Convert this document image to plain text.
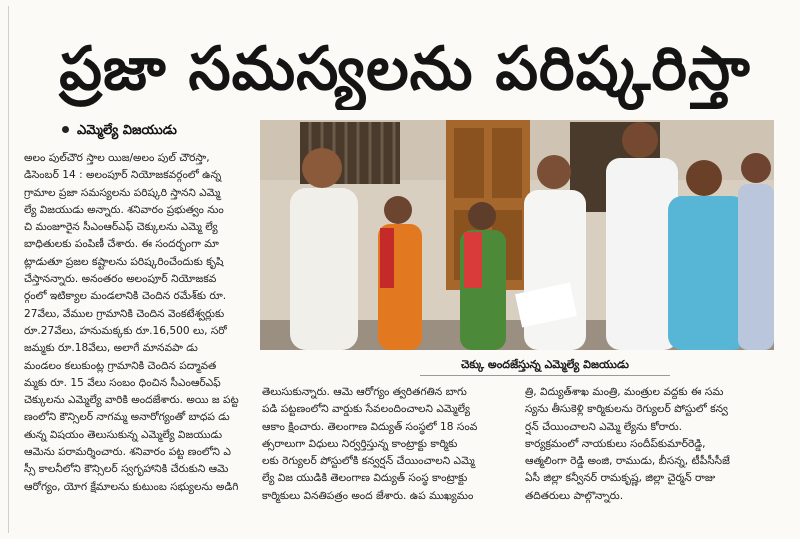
ప్రజా సమస్యలను పరిష్కరిస్తా
ఎమ్మెల్యే విజయుడు
అలం పుల్‌చౌర స్తాల యిజ/అలం పుల్ చౌరస్తా,
డిసెంబర్ 14 : అలంపూర్ నియోజకవర్గంలో ఉన్న
గ్రామాల ప్రజా సమస్యలను పరిష్కరి స్తానని ఎమ్మె
ల్యే విజయుడు అన్నారు. శనివారం ప్రభుత్వం నుం
చి మంజూరైన సీఎంఆర్‌ఎఫ్ చెక్కులను ఎమ్మె ల్యే
బాధితులకు పంపిణీ చేశారు. ఈ సందర్భంగా మా
ట్లాడుతూ ప్రజల కష్టాలను పరిష్కరించేందుకు కృషి
చేస్తానన్నారు. అనంతరం అలంపూర్ నియోజకవ
ర్గంలో ఇటిక్యాల మండలానికి చెందిన రమేశ్‌కు రూ.
27వేలు, వేముల గ్రామానికి చెందిన వెంకటేశ్వర్లుకు
రూ.27వేలు, హనుమక్కకు రూ.16,500 లు, సరో
జమ్మకు రూ.18వేలు, అలాగే మానవపా డు
మండలం కలుకుంట్ల గ్రామానికి చెందిన పద్మావత
మ్మకు రూ. 15 వేలు సంబం ధించిన సీఎంఆర్‌ఎఫ్
చెక్కులను ఎమ్మెల్యే వారికి అందజేశారు. అయి జ పట్ట
ణంలోని కౌన్సిలర్ నాగమ్మ అనారోగ్యంతో బాధప డు
తున్న విషయం తెలుసుకున్న ఎమ్మెల్యే విజయుడు
ఆమెను పరామర్శించారు. శనివారం పట్ట ణంలోని ఎ
స్సీ కాలనీలోని కౌన్సిలర్ స్వగృహానికి చేరుకుని ఆమె
ఆరోగ్యం, యోగ క్షేమాలను కుటుంబ సభ్యులను అడిగి
చెక్కు అందజేస్తున్న ఎమ్మెల్యే విజయుడు
తెలుసుకున్నారు. ఆమె ఆరోగ్యం త్వరితగతిన బాగు
పడి పట్టణంలోని వార్డుకు సేవలందించాలని ఎమ్మెల్యే
ఆకాం క్షించారు. తెలంగాణ విద్యుత్ సంస్థలో 18 సంవ
త్సరాలుగా విధులు నిర్వర్తిస్తున్న కాంట్రాక్టు కార్మికు
లకు రెగ్యులర్ పోస్టులోకి కన్వర్షన్ చేయించాలని ఎమ్మె
ల్యే విజ యుడికి తెలంగాణ విద్యుత్ సంస్థ కాంట్రాక్టు
కార్మికులు వినతిపత్రం అంద జేశారు. ఉప ముఖ్యమం
త్రి, విద్యుత్‌శాఖ మంత్రి, మంత్రుల వద్దకు ఈ సమ
స్యను తీసుకెళ్లి కార్మికులను రెగ్యులర్ పోస్టులో కన్వ
ర్షన్ చేయించాలని ఎమ్మె ల్యేను కోరారు.
కార్యక్రమంలో నాయకులు సందీప్‌కుమార్‌రెడ్డి,
ఆత్మలింగా రెడ్డి అంజి, రాముడు, బీసన్న, టీపీసీసీజే
ఏసీ జిల్లా కన్వీనర్ రామకృష్ణ, జిల్లా చైర్మన్ రాజు
తదితరులు పాల్గొన్నారు.
